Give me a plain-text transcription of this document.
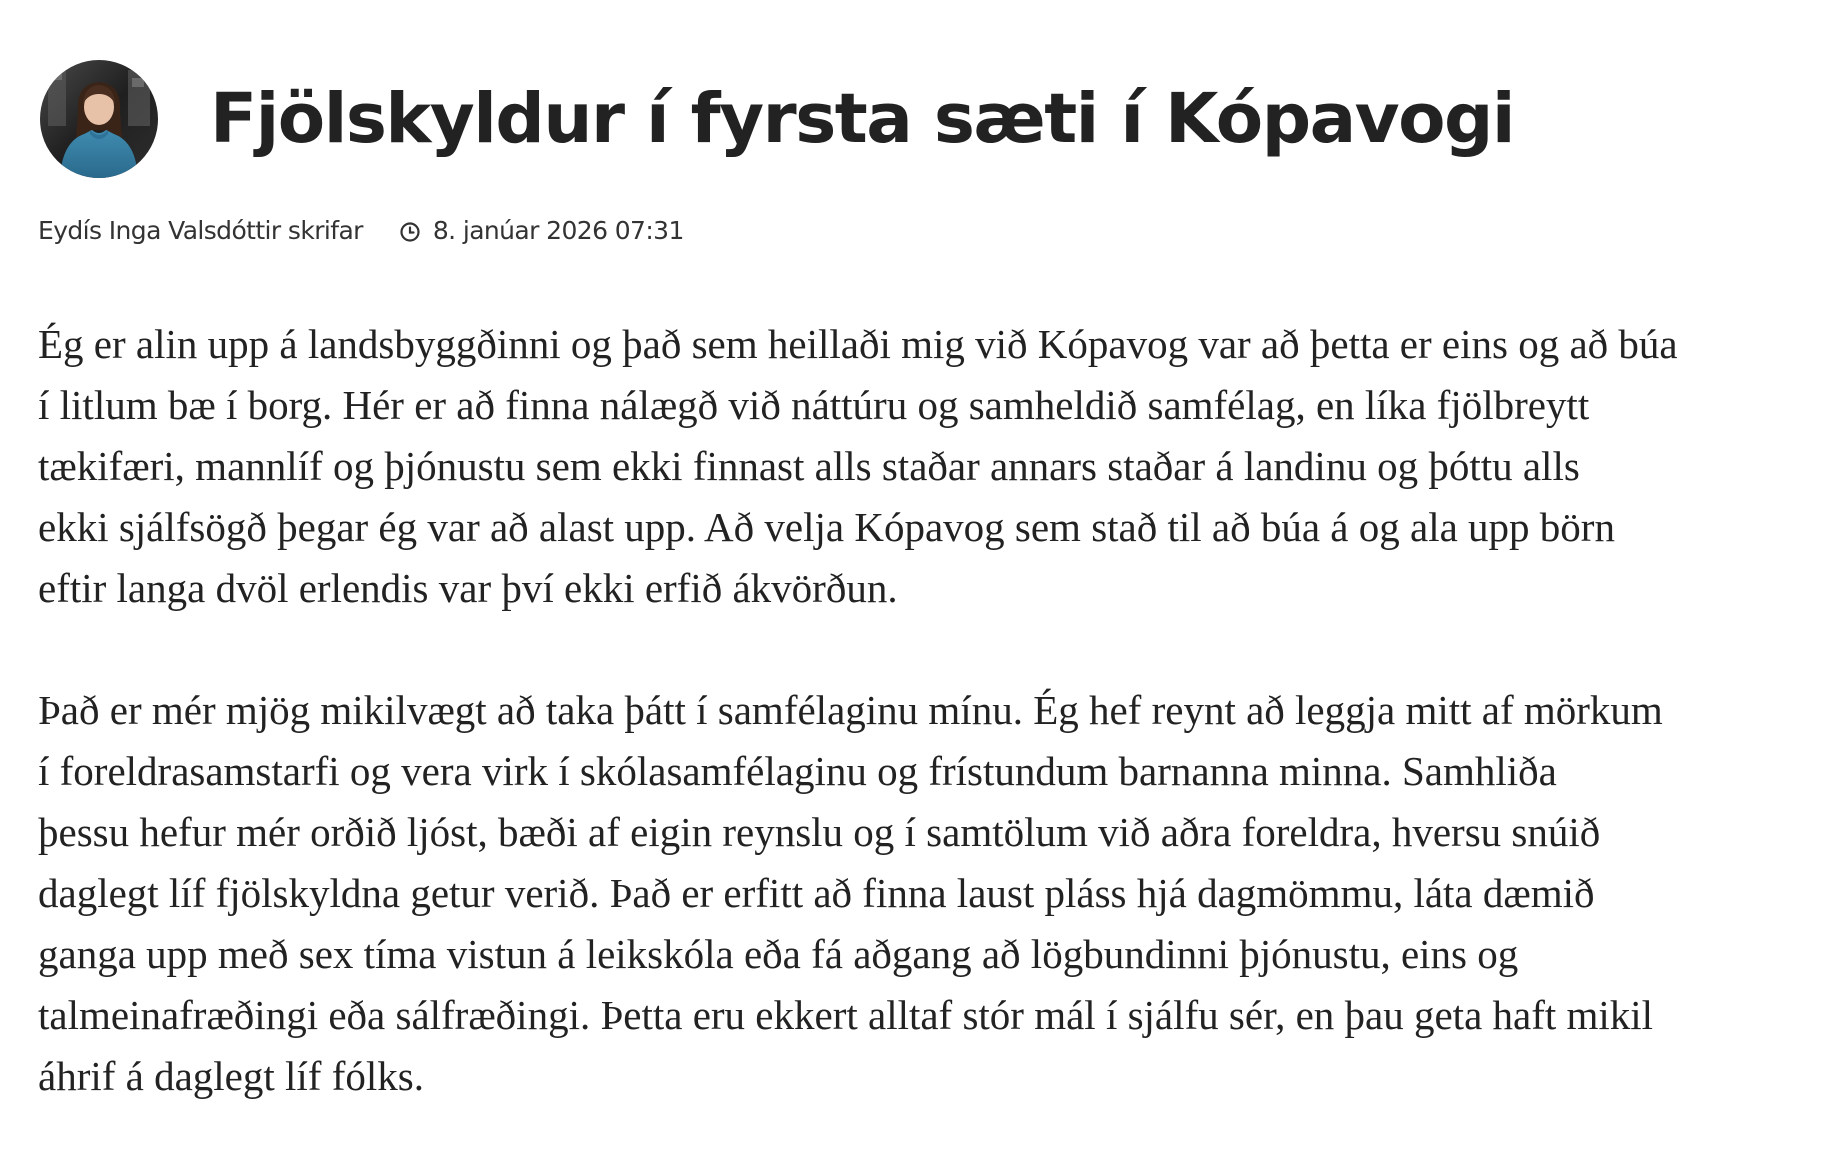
Fjölskyldur í fyrsta sæti í Kópavogi
Eydís Inga Valsdóttir skrifar	8. janúar 2026 07:31

Ég er alin upp á landsbyggðinni og það sem heillaði mig við Kópavog var að þetta er eins og að búa
í litlum bæ í borg. Hér er að finna nálægð við náttúru og samheldið samfélag, en líka fjölbreytt
tækifæri, mannlíf og þjónustu sem ekki finnast alls staðar annars staðar á landinu og þóttu alls
ekki sjálfsögð þegar ég var að alast upp. Að velja Kópavog sem stað til að búa á og ala upp börn
eftir langa dvöl erlendis var því ekki erfið ákvörðun.

Það er mér mjög mikilvægt að taka þátt í samfélaginu mínu. Ég hef reynt að leggja mitt af mörkum
í foreldrasamstarfi og vera virk í skólasamfélaginu og frístundum barnanna minna. Samhliða
þessu hefur mér orðið ljóst, bæði af eigin reynslu og í samtölum við aðra foreldra, hversu snúið
daglegt líf fjölskyldna getur verið. Það er erfitt að finna laust pláss hjá dagmömmu, láta dæmið
ganga upp með sex tíma vistun á leikskóla eða fá aðgang að lögbundinni þjónustu, eins og
talmeinafræðingi eða sálfræðingi. Þetta eru ekkert alltaf stór mál í sjálfu sér, en þau geta haft mikil
áhrif á daglegt líf fólks.
